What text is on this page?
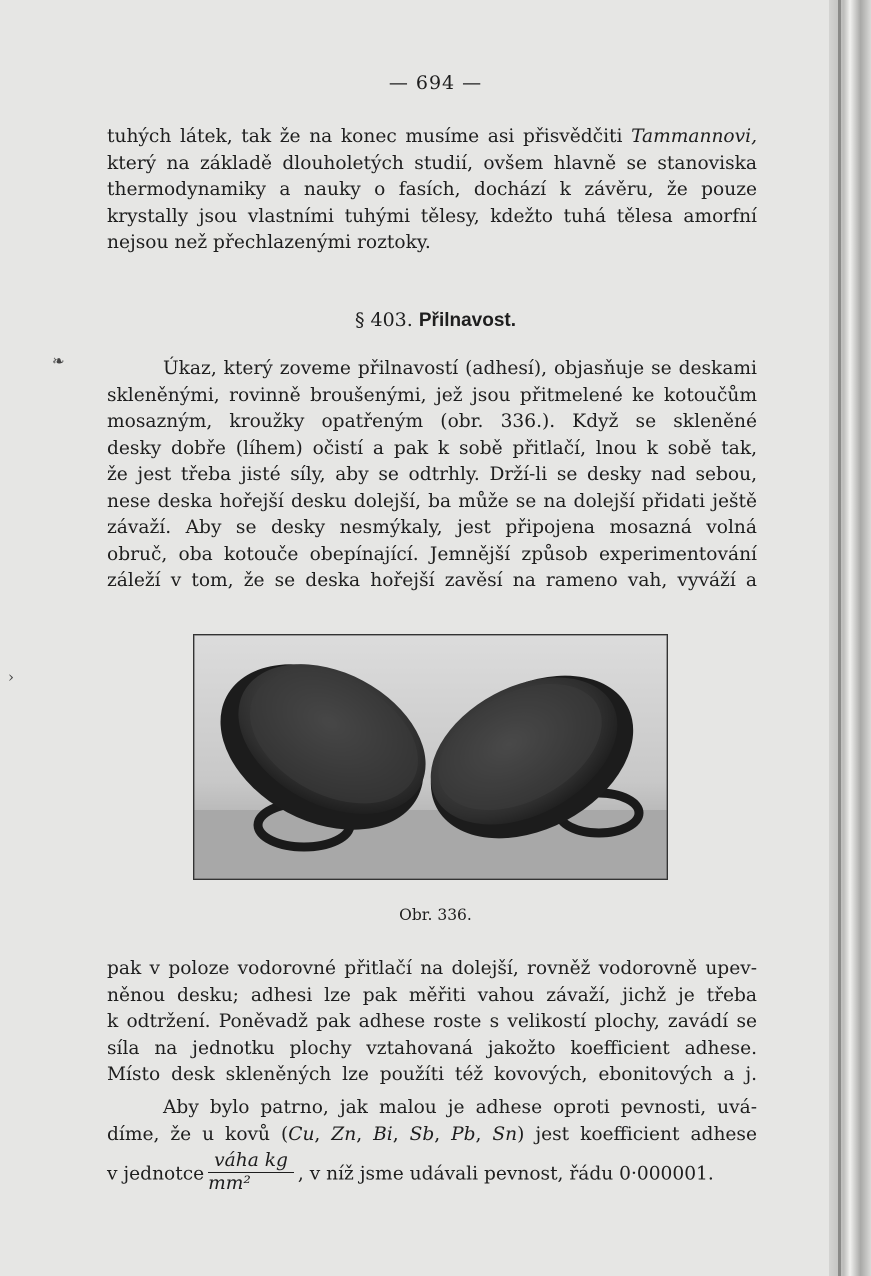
— 694 —
tuhých látek, tak že na konec musíme asi přisvědčiti Tammannovi,
který na základě dlouholetých studií, ovšem hlavně se stanoviska
thermodynamiky a nauky o fasích, dochází k závěru, že pouze
krystally jsou vlastními tuhými tělesy, kdežto tuhá tělesa amorfní
nejsou než přechlazenými roztoky.
§ 403. Přilnavost.
❧	Úkaz, který zoveme přilnavostí (adhesí), objasňuje se deskami
skleněnými, rovinně broušenými, jež jsou přitmelené ke kotoučům
mosazným, kroužky opatřeným (obr. 336.). Když se skleněné
desky dobře (líhem) očistí a pak k sobě přitlačí, lnou k sobě tak,
že jest třeba jisté síly, aby se odtrhly. Drží-li se desky nad sebou,
nese deska hořejší desku dolejší, ba může se na dolejší přidati ještě
závaží. Aby se desky nesmýkaly, jest připojena mosazná volná
obruč, oba kotouče obepínající. Jemnější způsob experimentování
záleží v tom, že se deska hořejší zavěsí na rameno vah, vyváží a
Obr. 336.
›
pak v poloze vodorovné přitlačí na dolejší, rovněž vodorovně upev-
něnou desku; adhesi lze pak měřiti vahou závaží, jichž je třeba
k odtržení. Poněvadž pak adhese roste s velikostí plochy, zavádí se
síla na jednotku plochy vztahovaná jakožto koefficient adhese.
Místo desk skleněných lze použíti též kovových, ebonitových a j.
Aby bylo patrno, jak malou je adhese oproti pevnosti, uvá-
díme, že u kovů (Cu, Zn, Bi, Sb, Pb, Sn) jest koefficient adhese
v jednotce $\frac{\text{váha kg}}{\text{mm²}}$ , v níž jsme udávali pevnost, řádu 0·000001.
